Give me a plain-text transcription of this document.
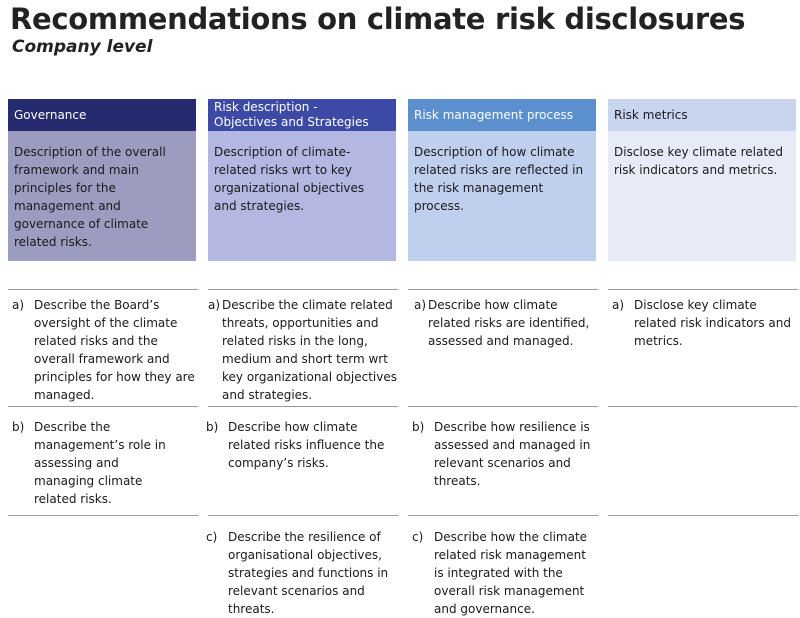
Recommendations on climate risk disclosures
Company level
Governance
Description of the overall framework and main principles for the management and governance of climate related risks.
Risk description -
Objectives and Strategies
Description of climate-related risks wrt to key organizational objectives and strategies.
Risk management process
Description of how climate related risks are reflected in the risk management process.
Risk metrics
Disclose key climate related risk indicators and metrics.
a) Describe the Board’s oversight of the climate related risks and the overall framework and principles for how they are managed.
b) Describe the management’s role in assessing and managing climate related risks.
a) Describe the climate related threats, opportunities and related risks in the long, medium and short term wrt key organizational objectives and strategies.
b) Describe how climate related risks influence the company’s risks.
c) Describe the resilience of organisational objectives, strategies and functions in relevant scenarios and threats.
a) Describe how climate related risks are identified, assessed and managed.
b) Describe how resilience is assessed and managed in relevant scenarios and threats.
c) Describe how the climate related risk management is integrated with the overall risk management and governance.
a) Disclose key climate related risk indicators and metrics.
